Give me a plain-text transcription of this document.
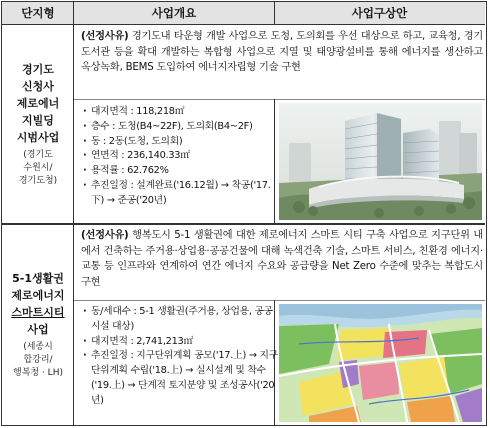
단지형	사업개요	사업구상안
경기도
신청사
제로에너
지빌딩
시범사업
(경기도
수원시/
경기도청)
(선정사유) 경기도내 타운형 개발 사업으로 도청, 도의회를 우선 대상으로 하고, 교육청, 경기도서관 등을 확대 개발하는 복합형 사업으로 지열 및 태양광설비를 통해 에너지를 생산하고 옥상녹화, BEMS 도입하여 에너지자립형 기술 구현
· 대지면적 : 118,218㎡
· 층수 : 도청(B4~22F), 도의회(B4~2F)
· 동 : 2동(도청, 도의회)
· 연면적 : 236,140.33㎡
· 용적률 : 62.762%
· 추진일정 : 설계완료('16.12월) → 착공('17.下) → 준공('20년)
5-1생활권
제로에너지
스마트시티
사업
(세종시
합강리/
행복청 · LH)
(선정사유) 행복도시 5-1 생활권에 대한 제로에너지 스마트 시티 구축 사업으로 지구단위 내에서 건축하는 주거용·상업용·공공건물에 대해 녹색건축 기술, 스마트 서비스, 친환경 에너지·교통 등 인프라와 연계하여 연간 에너지 수요와 공급량을 Net Zero 수준에 맞추는 복합도시 구현
· 동/세대수 : 5-1 생활권(주거용, 상업용, 공공 시설 대상)
· 대지면적 : 2,741,213㎡
· 추진일정 : 지구단위계획 공모('17.上) → 지구단위계획 수립('18.上) → 실시설계 및 착수('19.上) → 단계적 토지분양 및 조성공사('20년)
